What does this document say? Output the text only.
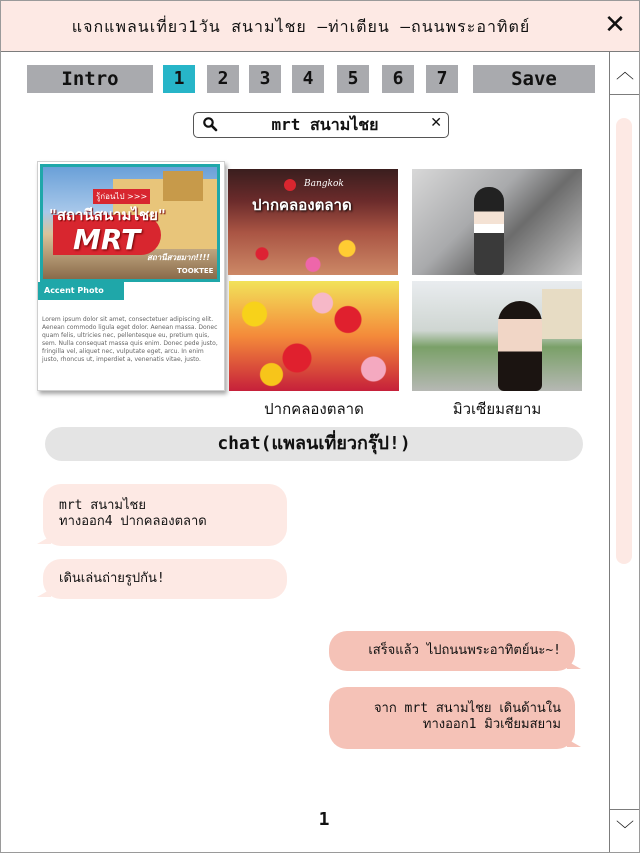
แจกแพลนเที่ยว1วัน สนามไชย –ท่าเตียน –ถนนพระอาทิตย์	✕
Intro	1	2	3	4	5	6	7	Save
mrt สนามไชย
✕
รู้ก่อนไป >>>
"สถานีสนามไชย"
MRT
สถานีสวยมาก!!!!
TOOKTEE
Accent Photo
Lorem ipsum dolor sit amet, consectetuer adipiscing elit. Aenean commodo ligula eget dolor. Aenean massa. Donec quam felis, ultricies nec, pellentesque eu, pretium quis, sem. Nulla consequat massa quis enim. Donec pede justo, fringilla vel, aliquet nec, vulputate eget, arcu. In enim justo, rhoncus ut, imperdiet a, venenatis vitae, justo.
Bangkok
ปากคลองตลาด
ปากคลองตลาด	มิวเซียมสยาม
chat(แพลนเที่ยวกรุ๊ป!)
mrt สนามไชย
ทางออก4 ปากคลองตลาด
เดินเล่นถ่ายรูปกัน!
เสร็จแล้ว ไปถนนพระอาทิตย์นะ~!
จาก mrt สนามไชย เดินด้านใน
ทางออก1 มิวเซียมสยาม
1
︿
﹀
